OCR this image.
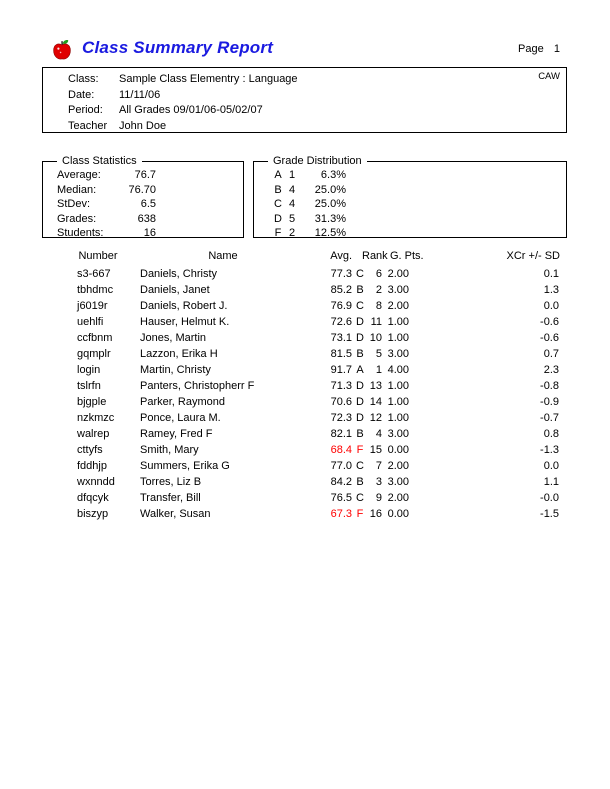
Class Summary Report	Page 1
CAW
Class: Sample Class Elementry : Language
Date: 11/11/06
Period: All Grades 09/01/06-05/02/07
Teacher John Doe
Class Statistics
Average:	76.7
Median:	76.70
StDev:	6.5
Grades:	638
Students:	16
Grade Distribution
A 1	6.3%
B 4	25.0%
C 4	25.0%
D 5	31.3%
F 2	12.5%
Number	Name	Avg. Rank G. Pts.	XCr +/- SD
s3-667	Daniels, Christy	77.3 C	6 2.00	0.1
tbhdmc	Daniels, Janet	85.2 B	2 3.00	1.3
j6019r	Daniels, Robert J.	76.9 C	8 2.00	0.0
uehlfi	Hauser, Helmut K.	72.6 D 11 1.00	-0.6
ccfbnm	Jones, Martin	73.1 D 10 1.00	-0.6
gqmplr	Lazzon, Erika H	81.5 B	5 3.00	0.7
login	Martin, Christy	91.7 A	1 4.00	2.3
tslrfn	Panters, Christopherr F	71.3 D 13 1.00	-0.8
bjgple	Parker, Raymond	70.6 D 14 1.00	-0.9
nzkmzc	Ponce, Laura M.	72.3 D 12 1.00	-0.7
walrep	Ramey, Fred F	82.1 B	4 3.00	0.8
cttyfs	Smith, Mary	68.4 F 15 0.00	-1.3
fddhjp	Summers, Erika G	77.0 C	7 2.00	0.0
wxnndd	Torres, Liz B	84.2 B	3 3.00	1.1
dfqcyk	Transfer, Bill	76.5 C	9 2.00	-0.0
biszyp	Walker, Susan	67.3 F 16 0.00	-1.5
